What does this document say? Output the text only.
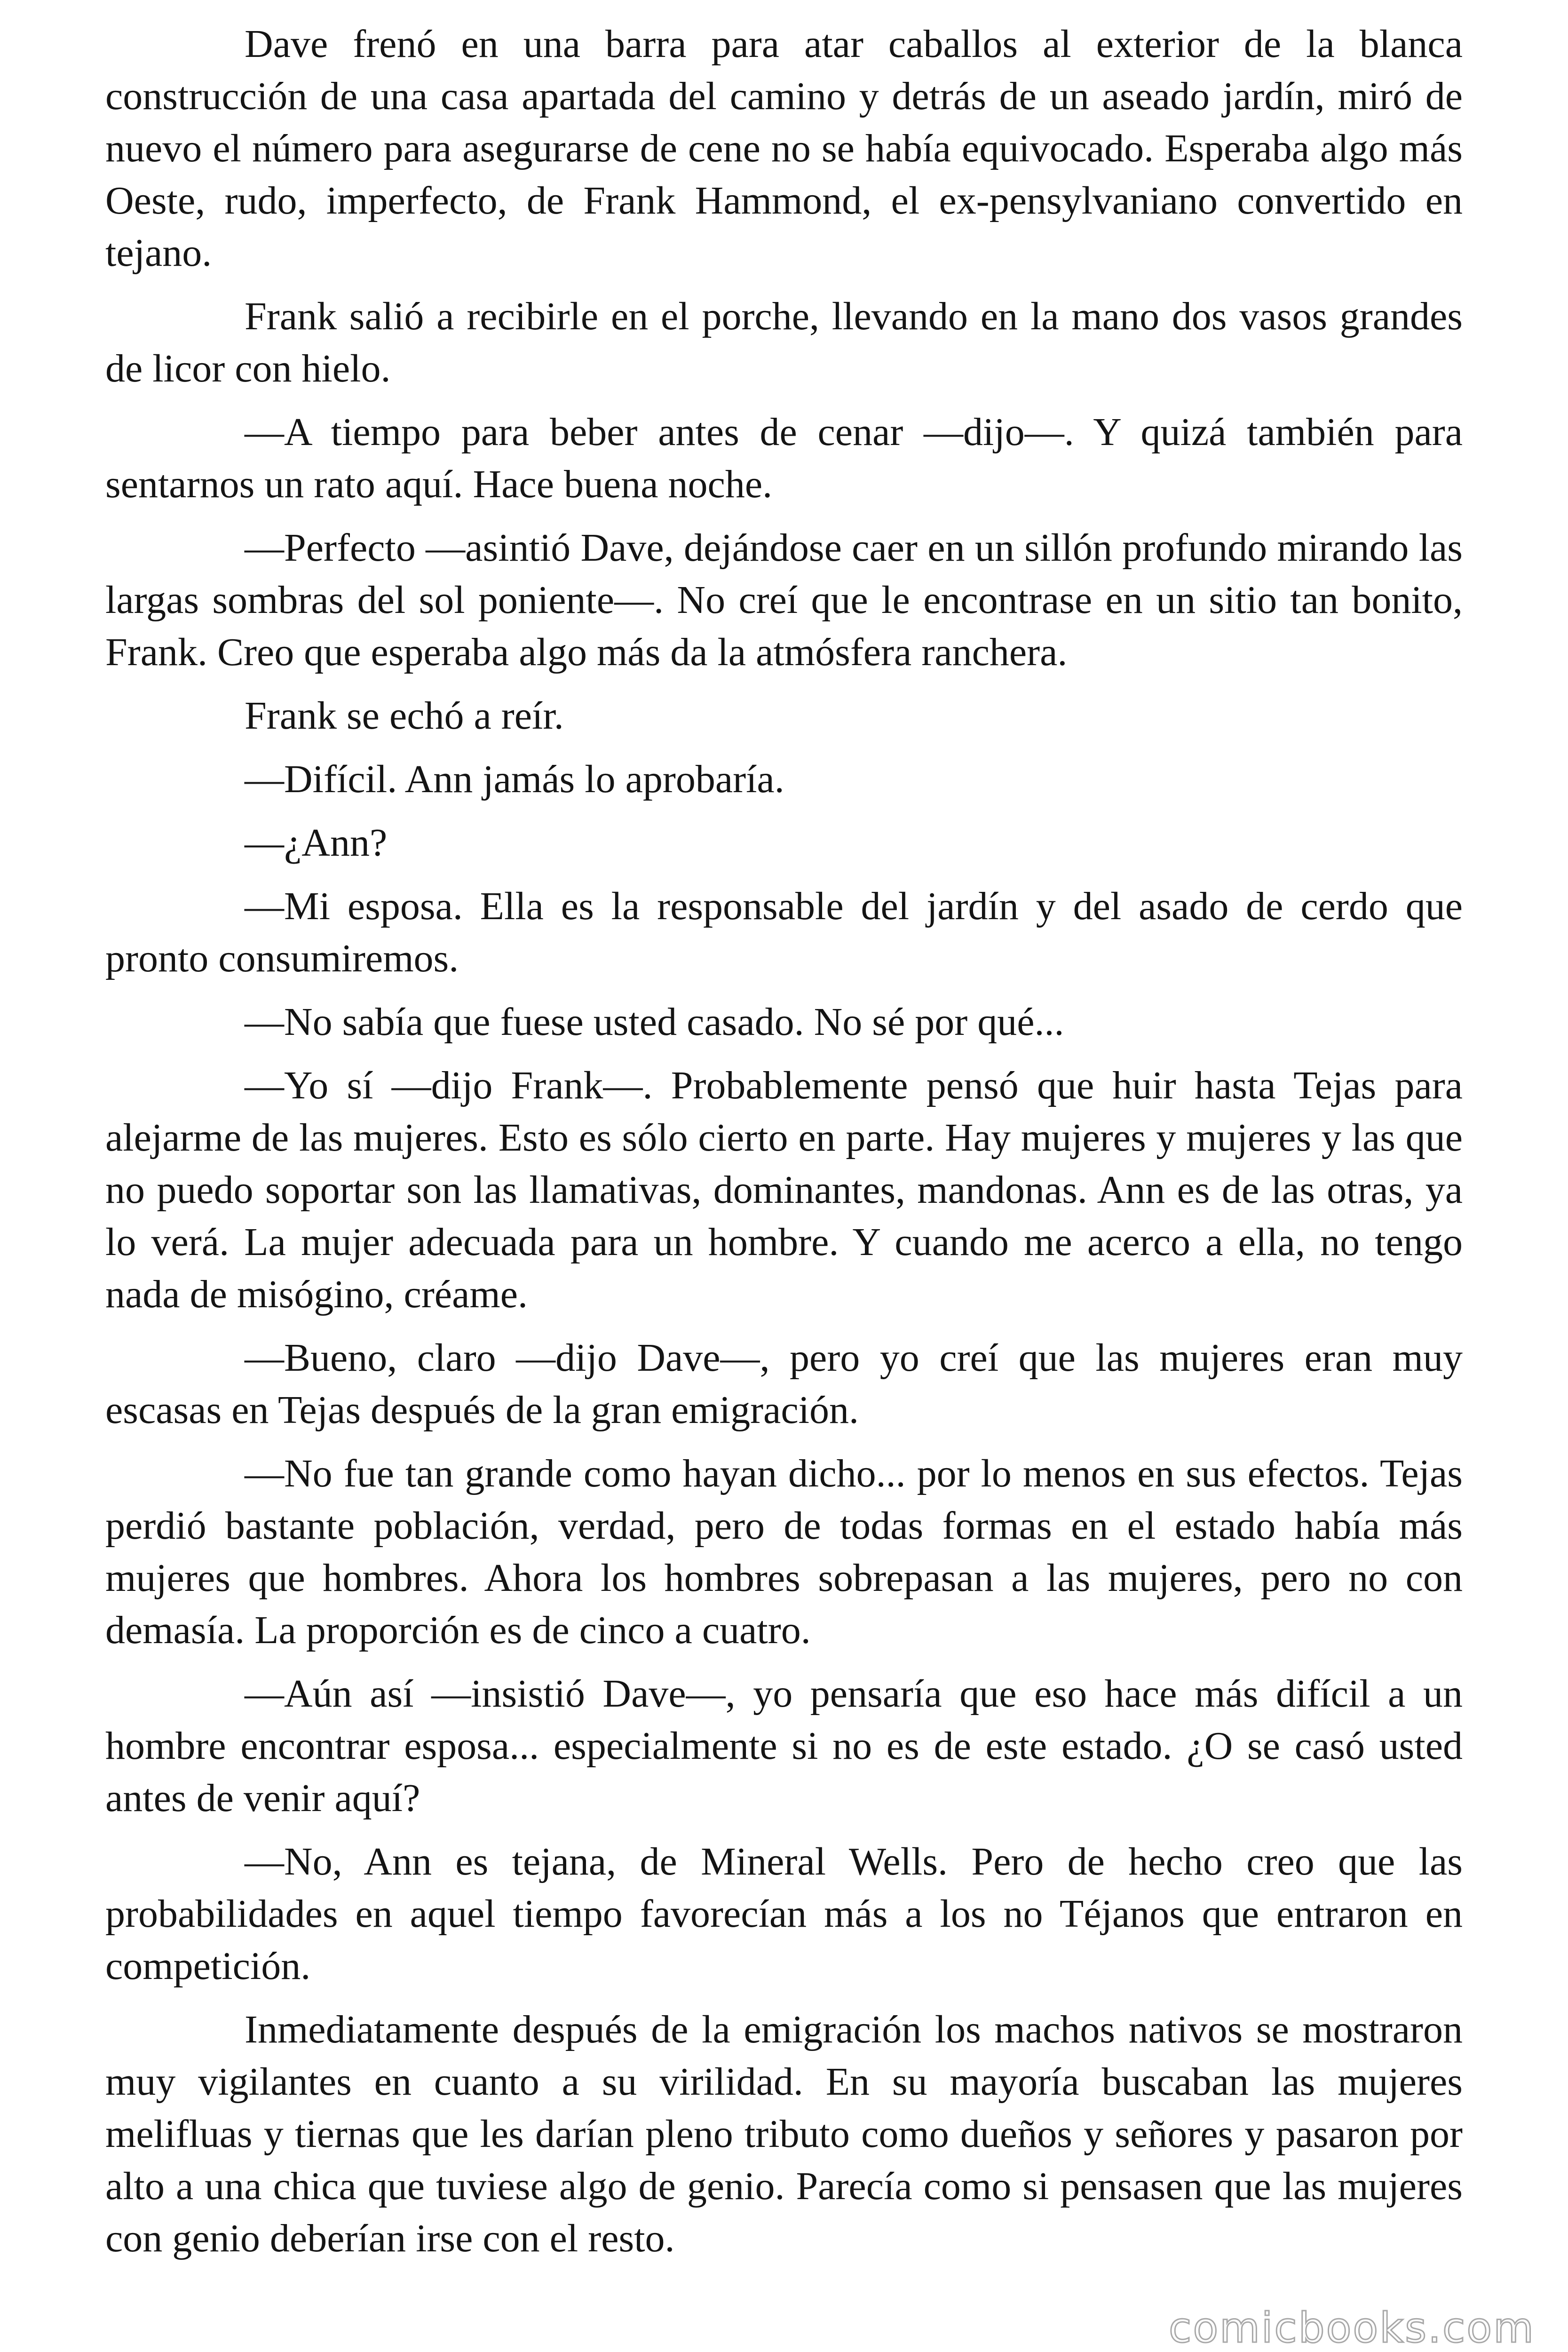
Dave frenó en una barra para atar caballos al exterior de la blanca construcción de una casa apartada del camino y detrás de un aseado jardín, miró de nuevo el número para asegurarse de cene no se había equivocado. Esperaba algo más Oeste, rudo, imperfecto, de Frank Hammond, el ex-pensylvaniano convertido en tejano.

Frank salió a recibirle en el porche, llevando en la mano dos vasos grandes de licor con hielo.

—A tiempo para beber antes de cenar —dijo—. Y quizá también para sentarnos un rato aquí. Hace buena noche.

—Perfecto —asintió Dave, dejándose caer en un sillón profundo mirando las largas sombras del sol poniente—. No creí que le encontrase en un sitio tan bonito, Frank. Creo que esperaba algo más da la atmósfera ranchera.

Frank se echó a reír.

—Difícil. Ann jamás lo aprobaría.

—¿Ann?

—Mi esposa. Ella es la responsable del jardín y del asado de cerdo que pronto consumiremos.

—No sabía que fuese usted casado. No sé por qué...

—Yo sí —dijo Frank—. Probablemente pensó que huir hasta Tejas para alejarme de las mujeres. Esto es sólo cierto en parte. Hay mujeres y mujeres y las que no puedo soportar son las llamativas, dominantes, mandonas. Ann es de las otras, ya lo verá. La mujer adecuada para un hombre. Y cuando me acerco a ella, no tengo nada de misógino, créame.

—Bueno, claro —dijo Dave—, pero yo creí que las mujeres eran muy escasas en Tejas después de la gran emigración.

—No fue tan grande como hayan dicho... por lo menos en sus efectos. Tejas perdió bastante población, verdad, pero de todas formas en el estado había más mujeres que hombres. Ahora los hombres sobrepasan a las mujeres, pero no con demasía. La proporción es de cinco a cuatro.

—Aún así —insistió Dave—, yo pensaría que eso hace más difícil a un hombre encontrar esposa... especialmente si no es de este estado. ¿O se casó usted antes de venir aquí?

—No, Ann es tejana, de Mineral Wells. Pero de hecho creo que las probabilidades en aquel tiempo favorecían más a los no Téjanos que entraron en competición.

Inmediatamente después de la emigración los machos nativos se mostraron muy vigilantes en cuanto a su virilidad. En su mayoría buscaban las mujeres melifluas y tiernas que les darían pleno tributo como dueños y señores y pasaron por alto a una chica que tuviese algo de genio. Parecía como si pensasen que las mujeres con genio deberían irse con el resto.

comicbooks.com
